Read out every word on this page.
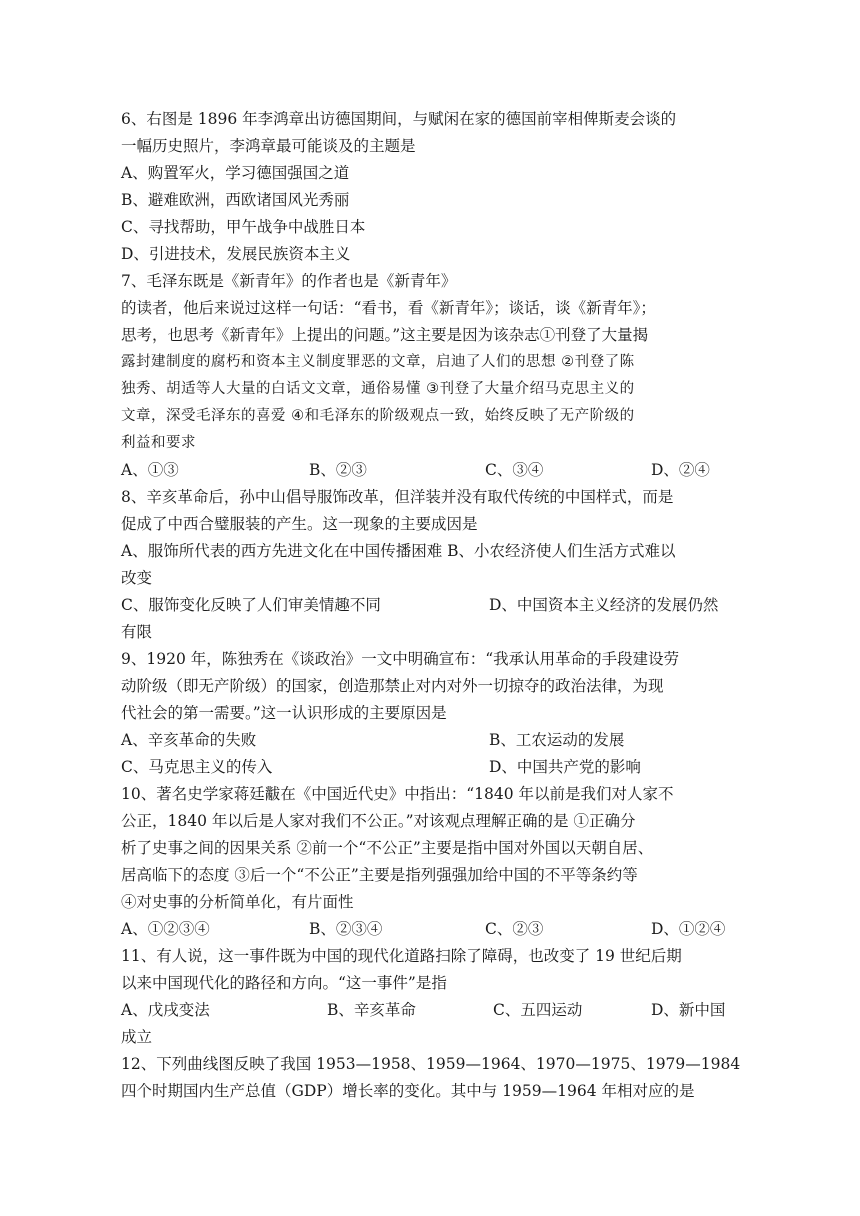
6、右图是 1896 年李鸿章出访德国期间，与赋闲在家的德国前宰相俾斯麦会谈的
一幅历史照片，李鸿章最可能谈及的主题是
A、购置军火，学习德国强国之道
B、避难欧洲，西欧诸国风光秀丽
C、寻找帮助，甲午战争中战胜日本
D、引进技术，发展民族资本主义
7、毛泽东既是《新青年》的作者也是《新青年》
的读者，他后来说过这样一句话：“看书，看《新青年》；谈话，谈《新青年》；
思考，也思考《新青年》上提出的问题。”这主要是因为该杂志①刊登了大量揭
露封建制度的腐朽和资本主义制度罪恶的文章，启迪了人们的思想 ②刊登了陈
独秀、胡适等人大量的白话文文章，通俗易懂 ③刊登了大量介绍马克思主义的
文章，深受毛泽东的喜爱 ④和毛泽东的阶级观点一致，始终反映了无产阶级的
利益和要求
A、①③	B、②③	C、③④	D、②④
8、辛亥革命后，孙中山倡导服饰改革，但洋装并没有取代传统的中国样式，而是
促成了中西合璧服装的产生。这一现象的主要成因是
A、服饰所代表的西方先进文化在中国传播困难 B、小农经济使人们生活方式难以
改变
C、服饰变化反映了人们审美情趣不同	D、中国资本主义经济的发展仍然
有限
9、1920 年，陈独秀在《谈政治》一文中明确宣布：“我承认用革命的手段建设劳
动阶级（即无产阶级）的国家，创造那禁止对内对外一切掠夺的政治法律，为现
代社会的第一需要。”这一认识形成的主要原因是
A、辛亥革命的失败	B、工农运动的发展
C、马克思主义的传入	D、中国共产党的影响
10、著名史学家蒋廷黻在《中国近代史》中指出：“1840 年以前是我们对人家不
公正，1840 年以后是人家对我们不公正。”对该观点理解正确的是 ①正确分
析了史事之间的因果关系 ②前一个“不公正”主要是指中国对外国以天朝自居、
居高临下的态度 ③后一个“不公正”主要是指列强强加给中国的不平等条约等
④对史事的分析简单化，有片面性
A、①②③④	B、②③④	C、②③	D、①②④
11、有人说，这一事件既为中国的现代化道路扫除了障碍，也改变了 19 世纪后期
以来中国现代化的路径和方向。“这一事件”是指
A、戊戌变法	B、辛亥革命	C、五四运动	D、新中国
成立
12、下列曲线图反映了我国 1953—1958、1959—1964、1970—1975、1979—1984
四个时期国内生产总值（GDP）增长率的变化。其中与 1959—1964 年相对应的是
